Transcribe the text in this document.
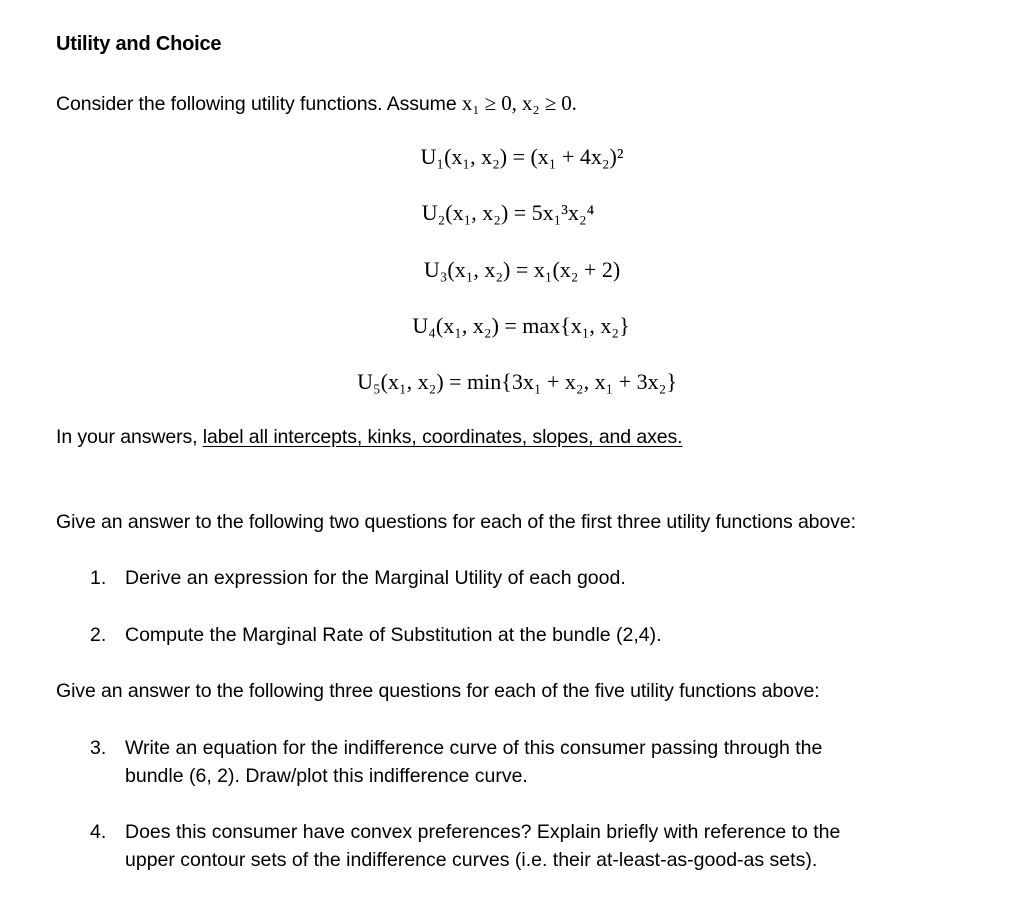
Utility and Choice
Consider the following utility functions. Assume x₁ ≥ 0, x₂ ≥ 0.
U₁(x₁, x₂) = (x₁ + 4x₂)²
U₂(x₁, x₂) = 5x₁³x₂⁴
U₃(x₁, x₂) = x₁(x₂ + 2)
U₄(x₁, x₂) = max{x₁, x₂}
U₅(x₁, x₂) = min{3x₁ + x₂, x₁ + 3x₂}
In your answers, label all intercepts, kinks, coordinates, slopes, and axes.
Give an answer to the following two questions for each of the first three utility functions above:
1. Derive an expression for the Marginal Utility of each good.
2. Compute the Marginal Rate of Substitution at the bundle (2,4).
Give an answer to the following three questions for each of the five utility functions above:
3. Write an equation for the indifference curve of this consumer passing through the
bundle (6, 2). Draw/plot this indifference curve.
4. Does this consumer have convex preferences? Explain briefly with reference to the
upper contour sets of the indifference curves (i.e. their at-least-as-good-as sets).
